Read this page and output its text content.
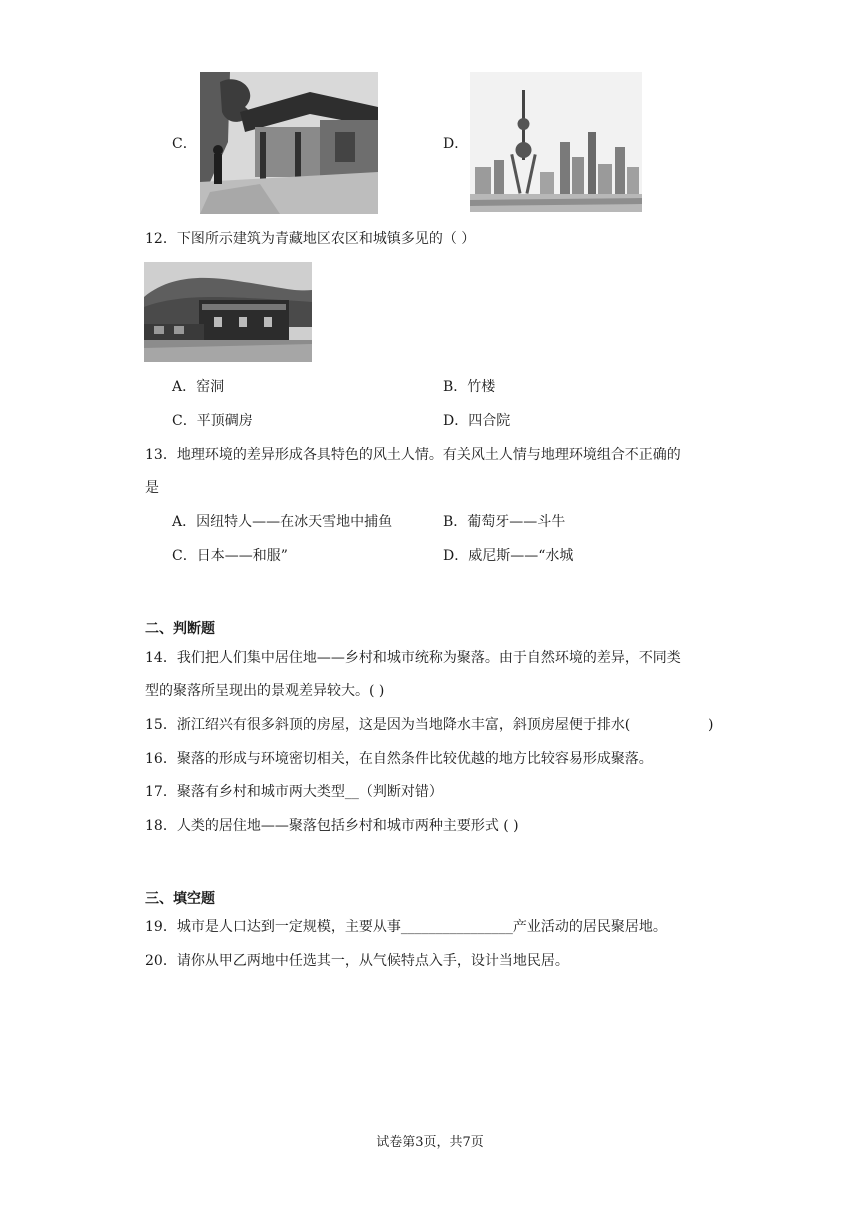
C．	D．
12．下图所示建筑为青藏地区农区和城镇多见的（ ）
A．窑洞	B．竹楼
C．平顶碉房	D．四合院
13．地理环境的差异形成各具特色的风土人情。有关风土人情与地理环境组合不正确的
是
A．因纽特人——在冰天雪地中捕鱼	B．葡萄牙——斗牛
C．日本——和服”	D．威尼斯——“水城
二、判断题
14．我们把人们集中居住地——乡村和城市统称为聚落。由于自然环境的差异，不同类
型的聚落所呈现出的景观差异较大。( )
15．浙江绍兴有很多斜顶的房屋，这是因为当地降水丰富，斜顶房屋便于排水(	)
16．聚落的形成与环境密切相关，在自然条件比较优越的地方比较容易形成聚落。
17．聚落有乡村和城市两大类型__（判断对错）
18．人类的居住地——聚落包括乡村和城市两种主要形式 ( )
三、填空题
19．城市是人口达到一定规模，主要从事________________产业活动的居民聚居地。
20．请你从甲乙两地中任选其一，从气候特点入手，设计当地民居。
试卷第3页，共7页
